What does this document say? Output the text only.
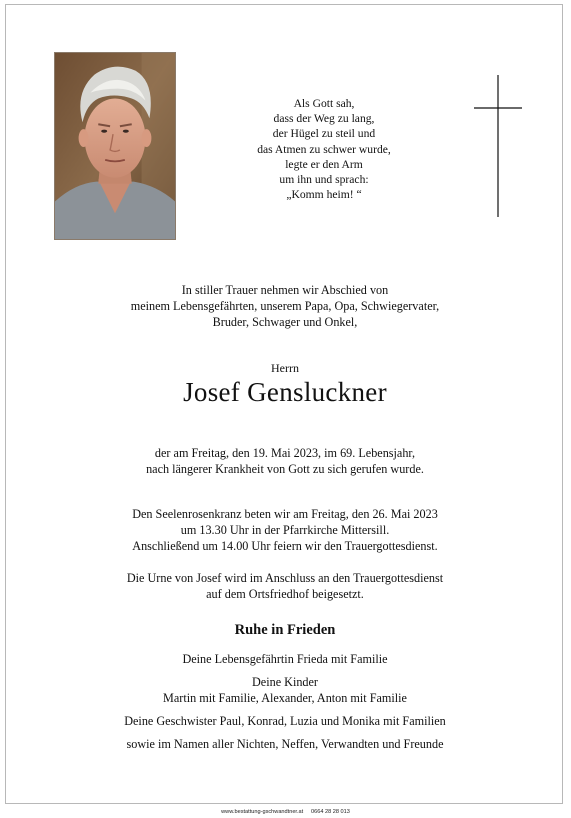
Als Gott sah,
dass der Weg zu lang,
der Hügel zu steil und
das Atmen zu schwer wurde,
legte er den Arm
um ihn und sprach:
„Komm heim! “
In stiller Trauer nehmen wir Abschied von
meinem Lebensgefährten, unserem Papa, Opa, Schwiegervater,
Bruder, Schwager und Onkel,
Herrn
Josef Gensluckner
der am Freitag, den 19. Mai 2023, im 69. Lebensjahr,
nach längerer Krankheit von Gott zu sich gerufen wurde.
Den Seelenrosenkranz beten wir am Freitag, den 26. Mai 2023
um 13.30 Uhr in der Pfarrkirche Mittersill.
Anschließend um 14.00 Uhr feiern wir den Trauergottesdienst.
Die Urne von Josef wird im Anschluss an den Trauergottesdienst
auf dem Ortsfriedhof beigesetzt.
Ruhe in Frieden
Deine Lebensgefährtin Frieda mit Familie
Deine Kinder
Martin mit Familie, Alexander, Anton mit Familie
Deine Geschwister Paul, Konrad, Luzia und Monika mit Familien
sowie im Namen aller Nichten, Neffen, Verwandten und Freunde
www.bestattung-gschwandtner.at 0664 28 28 013
